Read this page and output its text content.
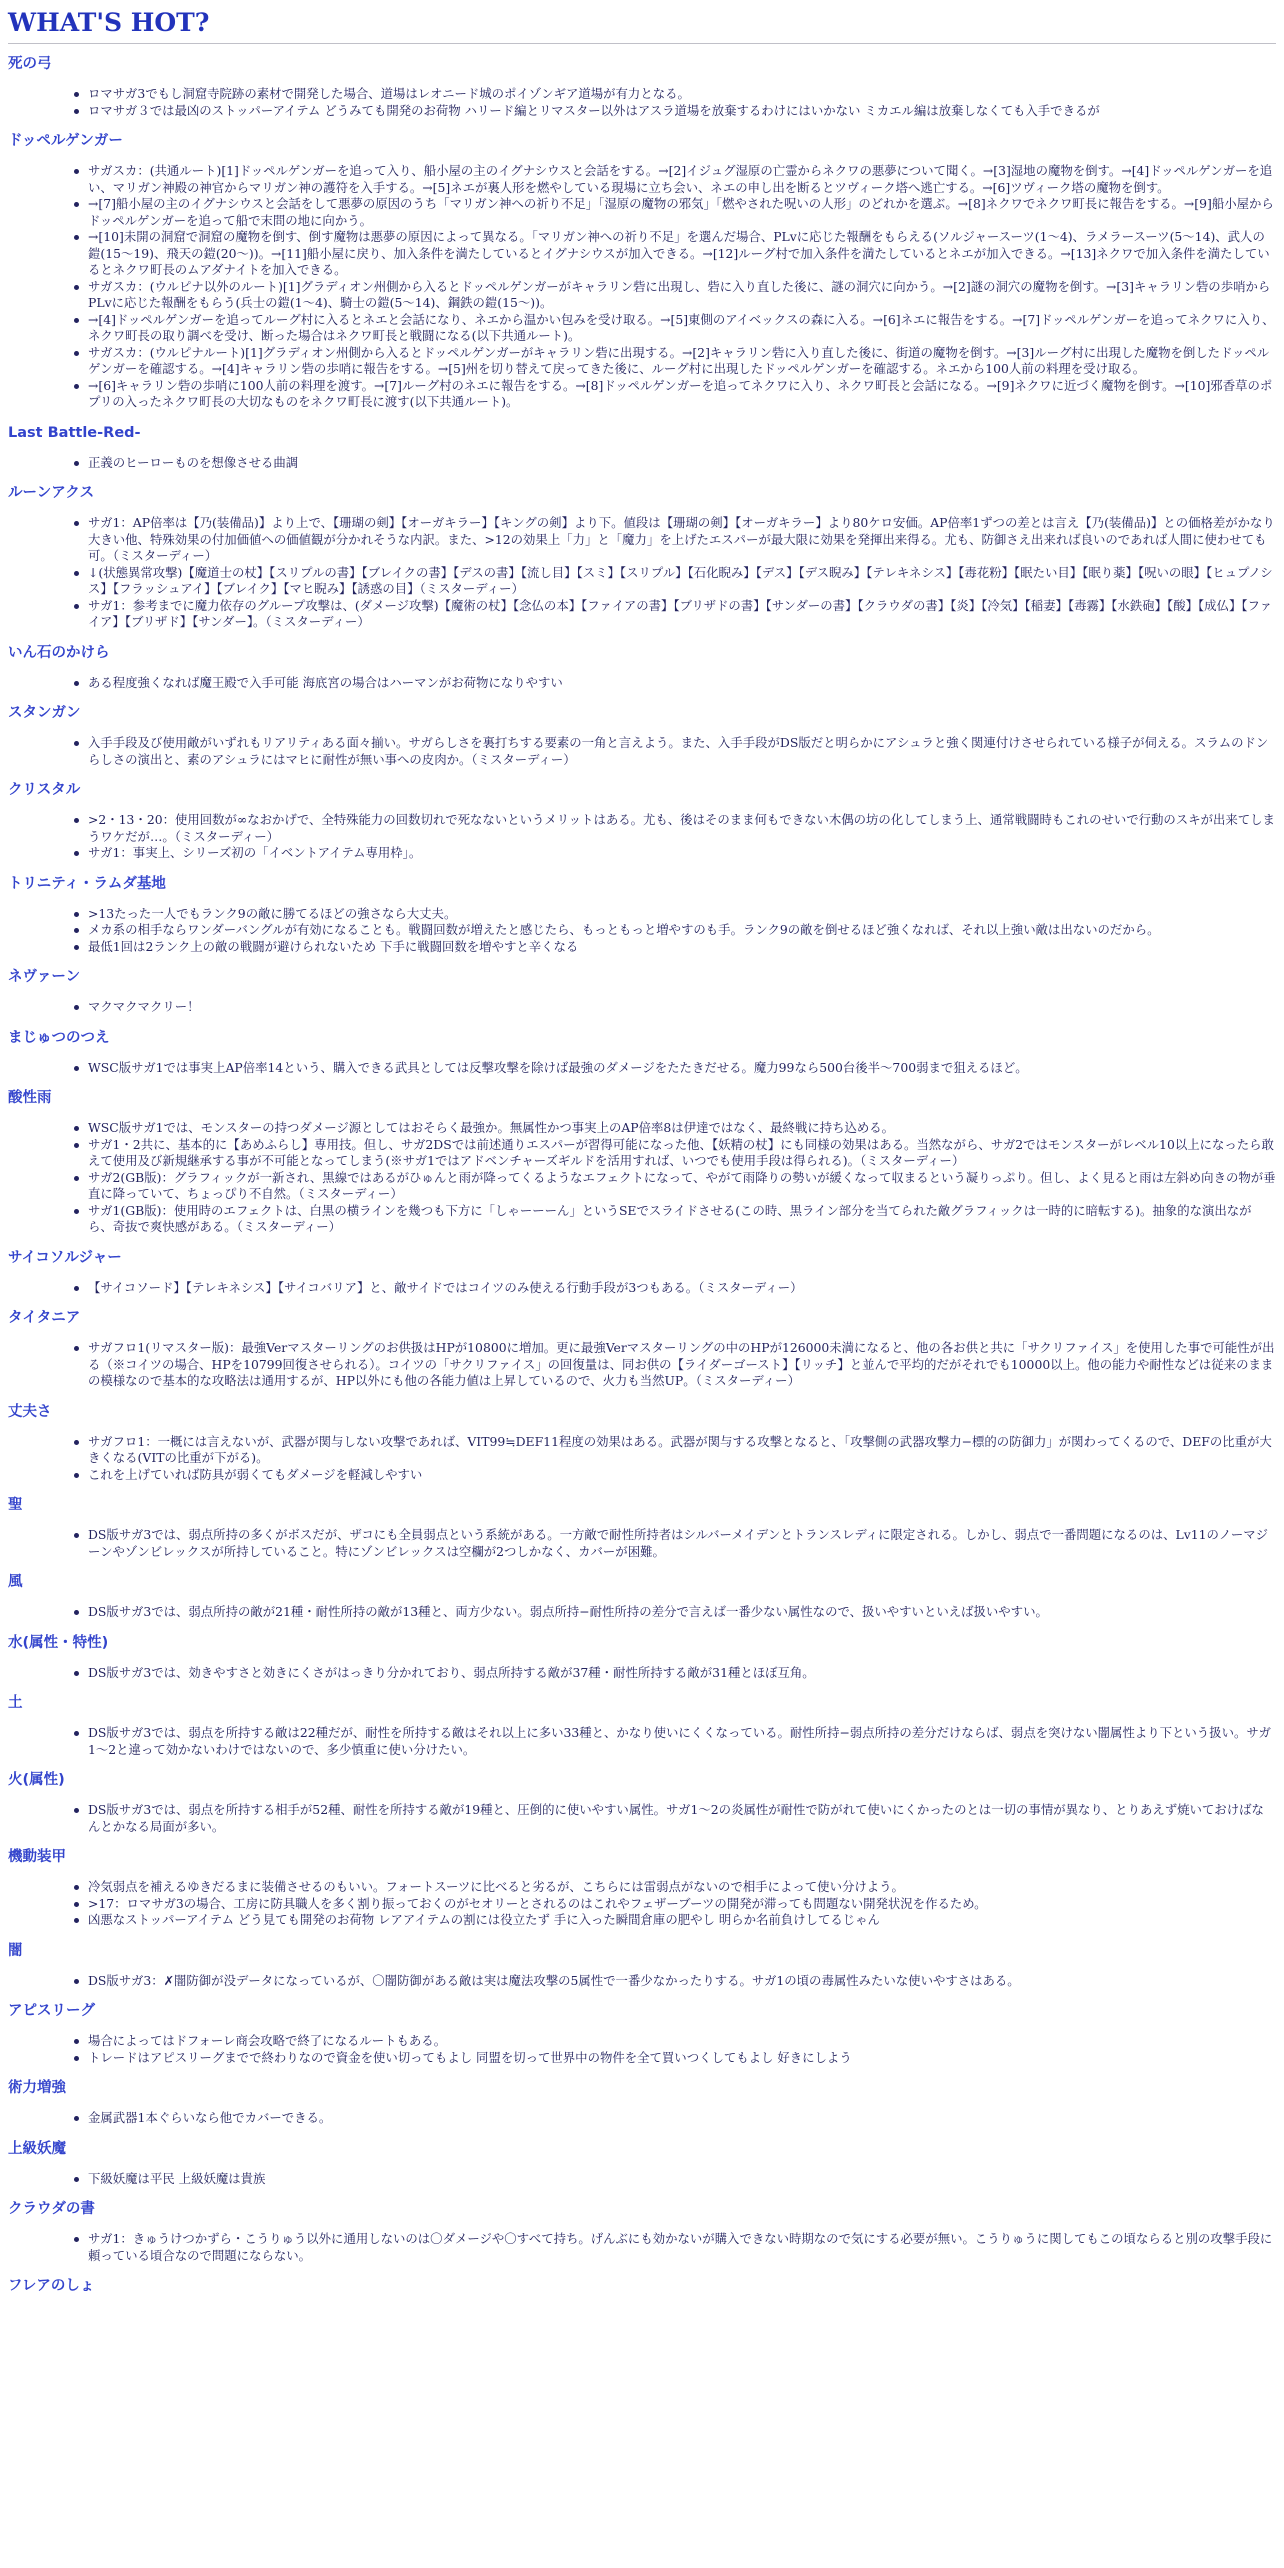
WHAT'S HOT?
死の弓
ロマサガ3でもし洞窟寺院跡の素材で開発した場合、道場はレオニード城のポイゾンギア道場が有力となる。
ロマサガ３では最凶のストッパーアイテム どうみても開発のお荷物 ハリード編とリマスター以外はアスラ道場を放棄するわけにはいかない ミカエル編は放棄しなくても入手できるが
ドッペルゲンガー
サガスカ：(共通ルート)[1]ドッペルゲンガーを追って入り、船小屋の主のイグナシウスと会話をする。→[2]イジュグ湿原の亡霊からネクワの悪夢について聞く。→[3]湿地の魔物を倒す。→[4]ドッペルゲンガーを追い、マリガン神殿の神官からマリガン神の護符を入手する。→[5]ネエが裏人形を燃やしている現場に立ち会い、ネエの申し出を断るとツヴィーク塔へ逃亡する。→[6]ツヴィーク塔の魔物を倒す。
→[7]船小屋の主のイグナシウスと会話をして悪夢の原因のうち「マリガン神への祈り不足」「湿原の魔物の邪気」「燃やされた呪いの人形」のどれかを選ぶ。→[8]ネクワでネクワ町長に報告をする。→[9]船小屋からドッペルゲンガーを追って船で末問の地に向かう。
→[10]未開の洞窟で洞窟の魔物を倒す、倒す魔物は悪夢の原因によって異なる。「マリガン神への祈り不足」を選んだ場合、PLvに応じた報酬をもらえる(ソルジャースーツ(1～4)、ラメラースーツ(5～14)、武人の鎧(15～19)、飛天の鎧(20～))。→[11]船小屋に戻り、加入条件を満たしているとイグナシウスが加入できる。→[12]ルーグ村で加入条件を満たしているとネエが加入できる。→[13]ネクワで加入条件を満たしているとネクワ町長のムアダナイトを加入できる。
サガスカ：(ウルピナ以外のルート)[1]グラディオン州側から入るとドッペルゲンガーがキャラリン砦に出現し、砦に入り直した後に、謎の洞穴に向かう。→[2]謎の洞穴の魔物を倒す。→[3]キャラリン砦の歩哨からPLvに応じた報酬をもらう(兵士の鎧(1～4)、騎士の鎧(5～14)、鋼鉄の鎧(15～))。
→[4]ドッペルゲンガーを追ってルーグ村に入るとネエと会話になり、ネエから温かい包みを受け取る。→[5]東側のアイベックスの森に入る。→[6]ネエに報告をする。→[7]ドッペルゲンガーを追ってネクワに入り、ネクワ町長の取り調べを受け、断った場合はネクワ町長と戦闘になる(以下共通ルート)。
サガスカ：(ウルピナルート)[1]グラディオン州側から入るとドッペルゲンガーがキャラリン砦に出現する。→[2]キャラリン砦に入り直した後に、街道の魔物を倒す。→[3]ルーグ村に出現した魔物を倒したドッペルゲンガーを確認する。→[4]キャラリン砦の歩哨に報告をする。→[5]州を切り替えて戻ってきた後に、ルーグ村に出現したドッペルゲンガーを確認する。ネエから100人前の料理を受け取る。
→[6]キャラリン砦の歩哨に100人前の料理を渡す。→[7]ルーグ村のネエに報告をする。→[8]ドッペルゲンガーを追ってネクワに入り、ネクワ町長と会話になる。→[9]ネクワに近づく魔物を倒す。→[10]邪香草のポプリの入ったネクワ町長の大切なものをネクワ町長に渡す(以下共通ルート)。
Last Battle-Red-
正義のヒーローものを想像させる曲調
ルーンアクス
サガ1：AP倍率は【乃(装備品)】より上で、【珊瑚の剣】【オーガキラー】【キングの剣】より下。値段は【珊瑚の剣】【オーガキラー】より80ケロ安価。AP倍率1ずつの差とは言え【乃(装備品)】との価格差がかなり大きい他、特殊効果の付加価値への価値観が分かれそうな内訳。また、>12の効果上「力」と「魔力」を上げたエスパーが最大限に効果を発揮出来得る。尤も、防御さえ出来れば良いのであれば人間に使わせても可。（ミスターディー）
↓(状態異常攻撃)【魔道士の杖】【スリプルの書】【ブレイクの書】【デスの書】【流し目】【スミ】【スリプル】【石化睨み】【デス】【デス睨み】【テレキネシス】【毒花粉】【眠たい目】【眠り薬】【呪いの眼】【ヒュプノシス】【フラッシュアイ】【ブレイク】【マヒ睨み】【誘惑の目】（ミスターディー）
サガ1：参考までに魔力依存のグループ攻撃は、(ダメージ攻撃)【魔術の杖】【念仏の本】【ファイアの書】【ブリザドの書】【サンダーの書】【クラウダの書】【炎】【冷気】【稲妻】【毒霧】【水鉄砲】【酸】【成仏】【ファイア】【ブリザド】【サンダー】。（ミスターディー）
いん石のかけら
ある程度強くなれば魔王殿で入手可能 海底宮の場合はハーマンがお荷物になりやすい
スタンガン
入手手段及び使用敵がいずれもリアリティある面々揃い。サガらしさを裏打ちする要素の一角と言えよう。また、入手手段がDS版だと明らかにアシュラと強く関連付けさせられている様子が伺える。スラムのドンらしさの演出と、素のアシュラにはマヒに耐性が無い事への皮肉か。（ミスターディー）
クリスタル
>2・13・20：使用回数が∞なおかげで、全特殊能力の回数切れで死なないというメリットはある。尤も、後はそのまま何もできない木偶の坊の化してしまう上、通常戦闘時もこれのせいで行動のスキが出来てしまうワケだが…。（ミスターディー）
サガ1：事実上、シリーズ初の「イベントアイテム専用枠」。
トリニティ・ラムダ基地
>13たった一人でもランク9の敵に勝てるほどの強さなら大丈夫。
メカ系の相手ならワンダーバングルが有効になることも。戦闘回数が増えたと感じたら、もっともっと増やすのも手。ランク9の敵を倒せるほど強くなれば、それ以上強い敵は出ないのだから。
最低1回は2ランク上の敵の戦闘が避けられないため 下手に戦闘回数を増やすと辛くなる
ネヴァーン
マクマクマクリー！
まじゅつのつえ
WSC版サガ1では事実上AP倍率14という、購入できる武具としては反撃攻撃を除けば最強のダメージをたたきだせる。魔力99なら500台後半～700弱まで狙えるほど。
酸性雨
WSC版サガ1では、モンスターの持つダメージ源としてはおそらく最強か。無属性かつ事実上のAP倍率8は伊達ではなく、最終戦に持ち込める。
サガ1・2共に、基本的に【あめふらし】専用技。但し、サガ2DSでは前述通りエスパーが習得可能になった他、【妖精の杖】にも同様の効果はある。当然ながら、サガ2ではモンスターがレベル10以上になったら敢えて使用及び新規継承する事が不可能となってしまう(※サガ1ではアドベンチャーズギルドを活用すれば、いつでも使用手段は得られる)。（ミスターディー）
サガ2(GB版)：グラフィックが一新され、黒線ではあるがひゅんと雨が降ってくるようなエフェクトになって、やがて雨降りの勢いが緩くなって収まるという凝りっぷり。但し、よく見ると雨は左斜め向きの物が垂直に降っていて、ちょっぴり不自然。（ミスターディー）
サガ1(GB版)：使用時のエフェクトは、白黒の横ラインを幾つも下方に「しゃーーーん」というSEでスライドさせる(この時、黒ライン部分を当てられた敵グラフィックは一時的に暗転する)。抽象的な演出ながら、奇抜で爽快感がある。（ミスターディー）
サイコソルジャー
【サイコソード】【テレキネシス】【サイコバリア】と、敵サイドではコイツのみ使える行動手段が3つもある。（ミスターディー）
タイタニア
サガフロ1(リマスター版)：最強Verマスターリングのお供扱はHPが10800に増加。更に最強Verマスターリングの中のHPが126000未満になると、他の各お供と共に「サクリファイス」を使用した事で可能性が出る（※コイツの場合、HPを10799回復させられる）。コイツの「サクリファイス」の回復量は、同お供の【ライダーゴースト】【リッチ】と並んで平均的だがそれでも10000以上。他の能力や耐性などは従来のままの模様なので基本的な攻略法は通用するが、HP以外にも他の各能力値は上昇しているので、火力も当然UP。（ミスターディー）
丈夫さ
サガフロ1：一概には言えないが、武器が関与しない攻撃であれば、VIT99≒DEF11程度の効果はある。武器が関与する攻撃となると、「攻撃側の武器攻撃力−標的の防御力」が関わってくるので、DEFの比重が大きくなる(VITの比重が下がる)。
これを上げていれば防具が弱くてもダメージを軽減しやすい
聖
DS版サガ3では、弱点所持の多くがボスだが、ザコにも全員弱点という系統がある。一方敵で耐性所持者はシルバーメイデンとトランスレディに限定される。しかし、弱点で一番問題になるのは、Lv11のノーマジーンやゾンビレックスが所持していること。特にゾンビレックスは空欄が2つしかなく、カバーが困難。
風
DS版サガ3では、弱点所持の敵が21種・耐性所持の敵が13種と、両方少ない。弱点所持−耐性所持の差分で言えば一番少ない属性なので、扱いやすいといえば扱いやすい。
水(属性・特性)
DS版サガ3では、効きやすさと効きにくさがはっきり分かれており、弱点所持する敵が37種・耐性所持する敵が31種とほぼ互角。
土
DS版サガ3では、弱点を所持する敵は22種だが、耐性を所持する敵はそれ以上に多い33種と、かなり使いにくくなっている。耐性所持−弱点所持の差分だけならば、弱点を突けない闇属性より下という扱い。サガ1～2と違って効かないわけではないので、多少慎重に使い分けたい。
火(属性)
DS版サガ3では、弱点を所持する相手が52種、耐性を所持する敵が19種と、圧倒的に使いやすい属性。サガ1～2の炎属性が耐性で防がれて使いにくかったのとは一切の事情が異なり、とりあえず焼いておけばなんとかなる局面が多い。
機動装甲
冷気弱点を補えるゆきだるまに装備させるのもいい。フォートスーツに比べると劣るが、こちらには雷弱点がないので相手によって使い分けよう。
>17：ロマサガ3の場合、工房に防具職人を多く割り振っておくのがセオリーとされるのはこれやフェザーブーツの開発が滞っても問題ない開発状況を作るため。
凶悪なストッパーアイテム どう見ても開発のお荷物 レアアイテムの割には役立たず 手に入った瞬間倉庫の肥やし 明らか名前負けしてるじゃん
闇
DS版サガ3：✗闇防御が没データになっているが、〇闇防御がある敵は実は魔法攻撃の5属性で一番少なかったりする。サガ1の頃の毒属性みたいな使いやすさはある。
アピスリーグ
場合によってはドフォーレ商会攻略で終了になるルートもある。
トレードはアピスリーグまでで終わりなので資金を使い切ってもよし 同盟を切って世界中の物件を全て買いつくしてもよし 好きにしよう
術力増強
金属武器1本ぐらいなら他でカバーできる。
上級妖魔
下級妖魔は平民 上級妖魔は貴族
クラウダの書
サガ1：きゅうけつかずら・こうりゅう以外に通用しないのは〇ダメージや〇すべて持ち。げんぶにも効かないが購入できない時期なので気にする必要が無い。こうりゅうに関してもこの頃ならると別の攻撃手段に頼っている頃合なので問題にならない。
フレアのしょ
